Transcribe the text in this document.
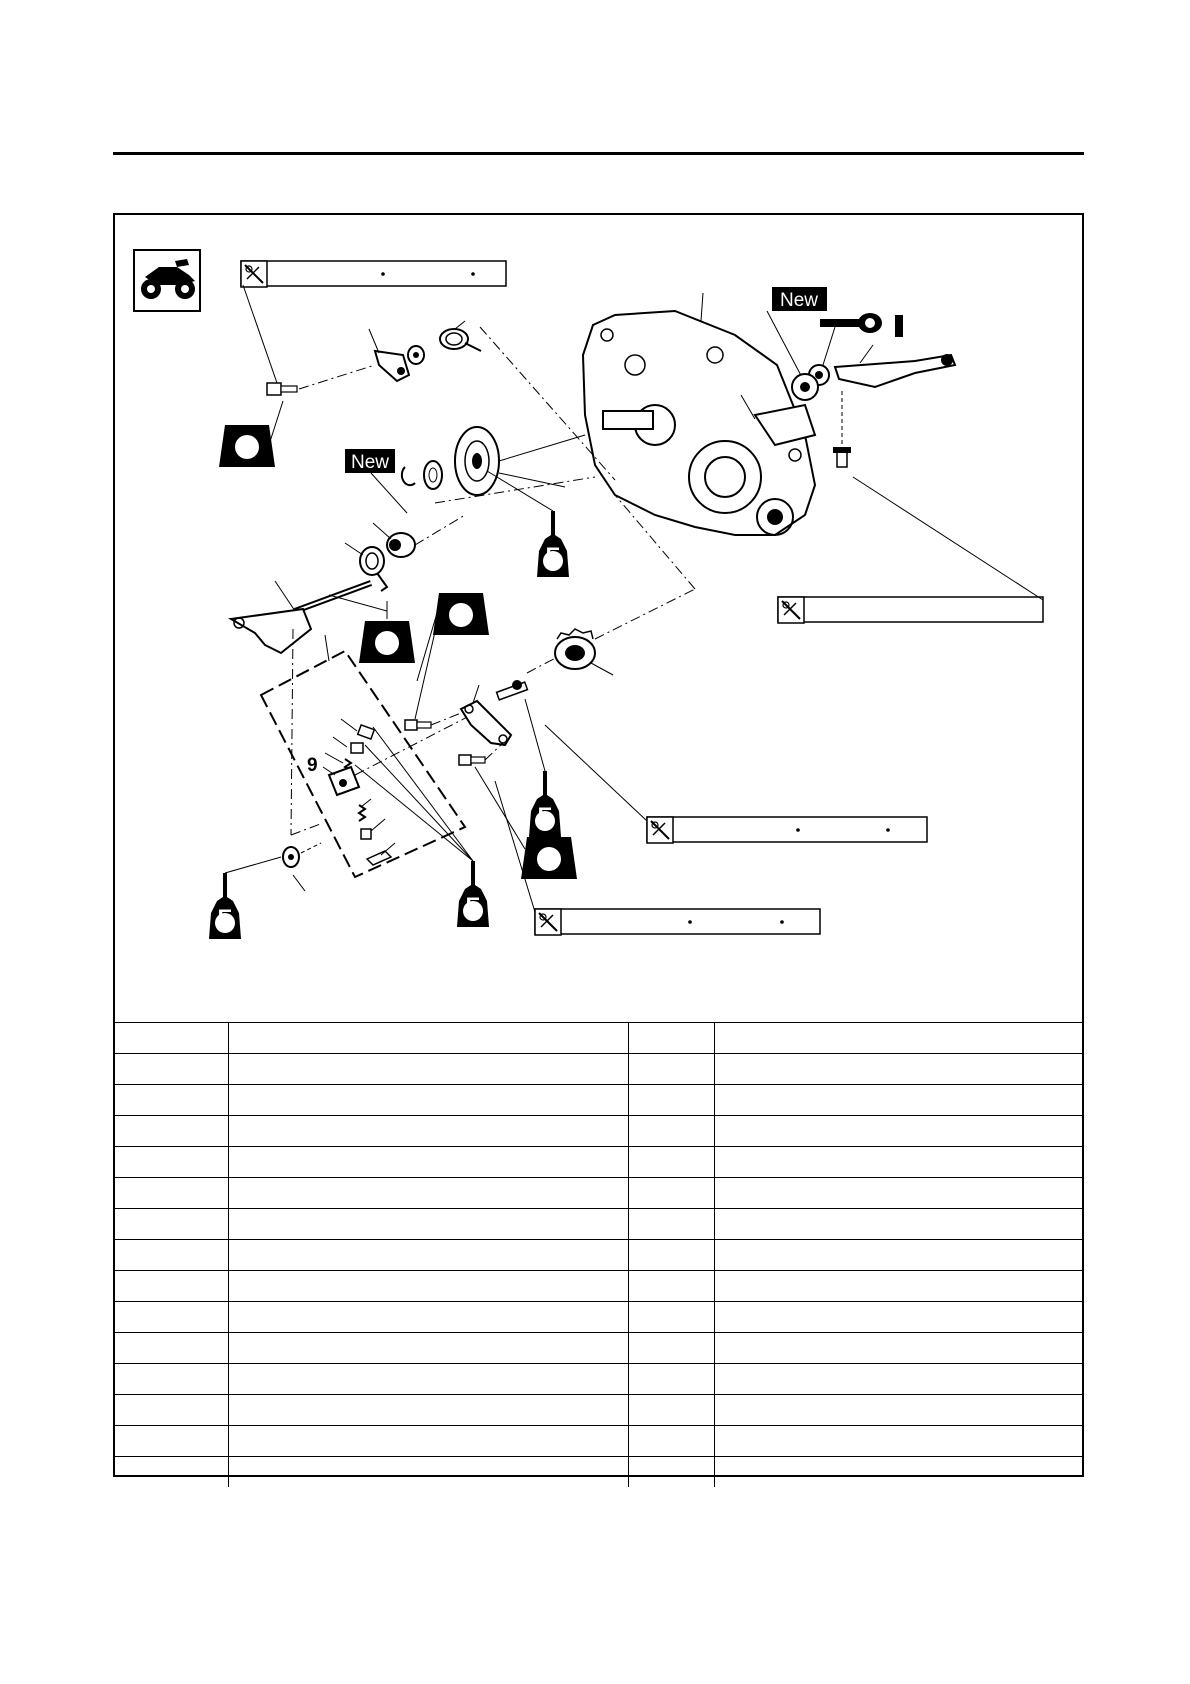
New
New
E
9
E
E
E
